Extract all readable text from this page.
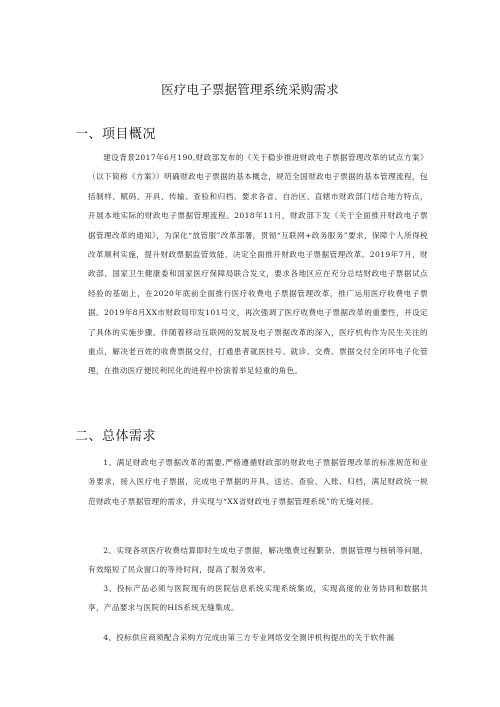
医疗电子票据管理系统采购需求
一、项目概况
建设背景2017年6月190,财政部发布的《关于稳步推进财政电子票据管理改革的试点方案》（以下简称《方案》）明确财政电子票据的基本概念，规范全国财政电子票据的基本管理流程，包括制样、赋码、开具、传输、查验和归档。要求各省、自治区、直辖市财政部门结合地方特点，开展本地实际的财政电子票据管理流程。2018年11月，财政部下发《关于全面推开财政电子票据管理改革的通知》，为深化“放管服”改革部署，贯彻“互联网+政务服务”要求，保障个人所得税改革顺利实施，提升财政票据监管效能，决定全面推开财政电子票据管理改革。2019年7月，财政部、国家卫生健康委和国家医疗保障局联合发文，要求各地区应在充分总结财政电子票据试点经验的基础上，在2020年底前全面推行医疗收费电子票据管理改革，推广运用医疗收费电子票据。2019年8月XX市财政局印发101号文，再次强调了医疗收费电子票据改革的重要性，并设定了具体的实施步骤。伴随着移动互联网的发展及电子票据改革的深入，医疗机构作为民生关注的重点，解决老百姓的收费票据交付，打通患者就医挂号、就诊、交费、票据交付全闭环电子化管理，在推动医疗便民利民化的进程中扮演着举足轻重的角色。
二、总体需求
1、满足财政电子票据改革的需要,严格遵循财政部的财政电子票据管理改革的标准规范和业务要求，接入医疗电子票据，完成电子票据的开具、送达、查验、入账、归档，满足财政统一规范财政电子票据管理的需求，并实现与“XX省财政电子票据管理系统”的无缝对接。
2、实现各项医疗收费结算即时生成电子票据，解决缴费过程繁杂、票据管理与核销等问题，有效缩短了民众窗口的等待时间，提高了服务效率。
3、投标产品必须与医院现有的医院信息系统实现系统集成，实现高度的业务协同和数据共享，产品要求与医院的HIS系统无缝集成。
4、投标供应商须配合采购方完成由第三方专业网络安全测评机构提出的关于软件漏
